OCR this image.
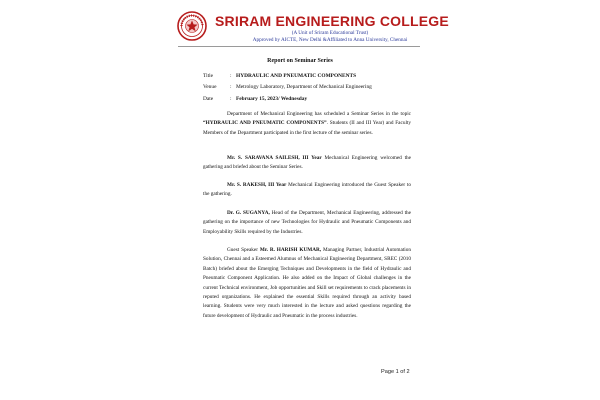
SRIRAM ENGINEERING COLLEGE
(A Unit of Sriram Educational Trust)
Approved by AICTE, New Delhi &Affiliated to Anna University, Chennai
Report on Seminar Series
Title	: HYDRAULIC AND PNEUMATIC COMPONENTS
Venue	: Metrology Laboratory, Department of Mechanical Engineering
Date	: February 15, 2023/ Wednesday
Department of Mechanical Engineering has scheduled a Seminar Series in the topic “HYDRAULIC AND PNEUMATIC COMPONENTS”. Students (II and III Year) and Faculty Members of the Department participated in the first lecture of the seminar series.
Mr. S. SARAVANA SAILESH, III Year Mechanical Engineering welcomed the gathering and briefed about the Seminar Series.
Mr. S. RAKESH, III Year Mechanical Engineering introduced the Guest Speaker to the gathering.
Dr. G. SUGANYA, Head of the Department, Mechanical Engineering, addressed the gathering on the importance of new Technologies for Hydraulic and Pneumatic Components and Employability Skills required by the Industries.
Guest Speaker Mr. R. HARISH KUMAR, Managing Partner, Industrial Automation Solution, Chennai and a Esteemed Alumnus of Mechanical Engineering Department, SREC (2010 Batch) briefed about the Emerging Techniques and Developments in the field of Hydraulic and Pneumatic Component Application. He also added on the Impact of Global challenges in the current Technical environment, Job opportunities and Skill set requirements to crack placements in reputed organizations. He explained the essential Skills required through an activity based learning. Students were very much interested in the lecture and asked questions regarding the future development of Hydraulic and Pneumatic in the process industries.
Page 1 of 2
